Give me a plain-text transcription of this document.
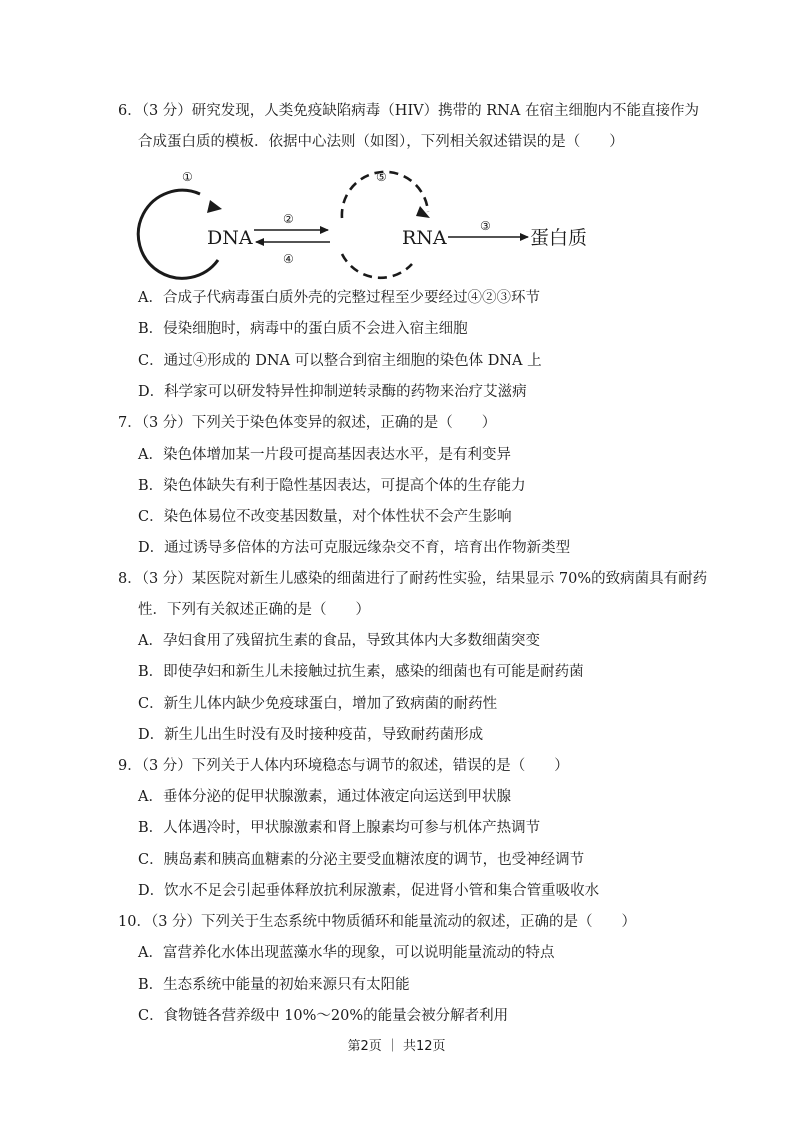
6．（3 分）研究发现，人类免疫缺陷病毒（HIV）携带的 RNA 在宿主细胞内不能直接作为
合成蛋白质的模板．依据中心法则（如图），下列相关叙述错误的是（　　）
①
DNA
②
④
⑤
RNA
③
蛋白质
A．合成子代病毒蛋白质外壳的完整过程至少要经过④②③环节
B．侵染细胞时，病毒中的蛋白质不会进入宿主细胞
C．通过④形成的 DNA 可以整合到宿主细胞的染色体 DNA 上
D．科学家可以研发特异性抑制逆转录酶的药物来治疗艾滋病
7．（3 分）下列关于染色体变异的叙述，正确的是（　　）
A．染色体增加某一片段可提高基因表达水平，是有利变异
B．染色体缺失有利于隐性基因表达，可提高个体的生存能力
C．染色体易位不改变基因数量，对个体性状不会产生影响
D．通过诱导多倍体的方法可克服远缘杂交不育，培育出作物新类型
8．（3 分）某医院对新生儿感染的细菌进行了耐药性实验，结果显示 70%的致病菌具有耐药
性．下列有关叙述正确的是（　　）
A．孕妇食用了残留抗生素的食品，导致其体内大多数细菌突变
B．即使孕妇和新生儿未接触过抗生素，感染的细菌也有可能是耐药菌
C．新生儿体内缺少免疫球蛋白，增加了致病菌的耐药性
D．新生儿出生时没有及时接种疫苗，导致耐药菌形成
9．（3 分）下列关于人体内环境稳态与调节的叙述，错误的是（　　）
A．垂体分泌的促甲状腺激素，通过体液定向运送到甲状腺
B．人体遇冷时，甲状腺激素和肾上腺素均可参与机体产热调节
C．胰岛素和胰高血糖素的分泌主要受血糖浓度的调节，也受神经调节
D．饮水不足会引起垂体释放抗利尿激素，促进肾小管和集合管重吸收水
10．（3 分）下列关于生态系统中物质循环和能量流动的叙述，正确的是（　　）
A．富营养化水体出现蓝藻水华的现象，可以说明能量流动的特点
B．生态系统中能量的初始来源只有太阳能
C．食物链各营养级中 10%～20%的能量会被分解者利用
第2页 ｜ 共12页
